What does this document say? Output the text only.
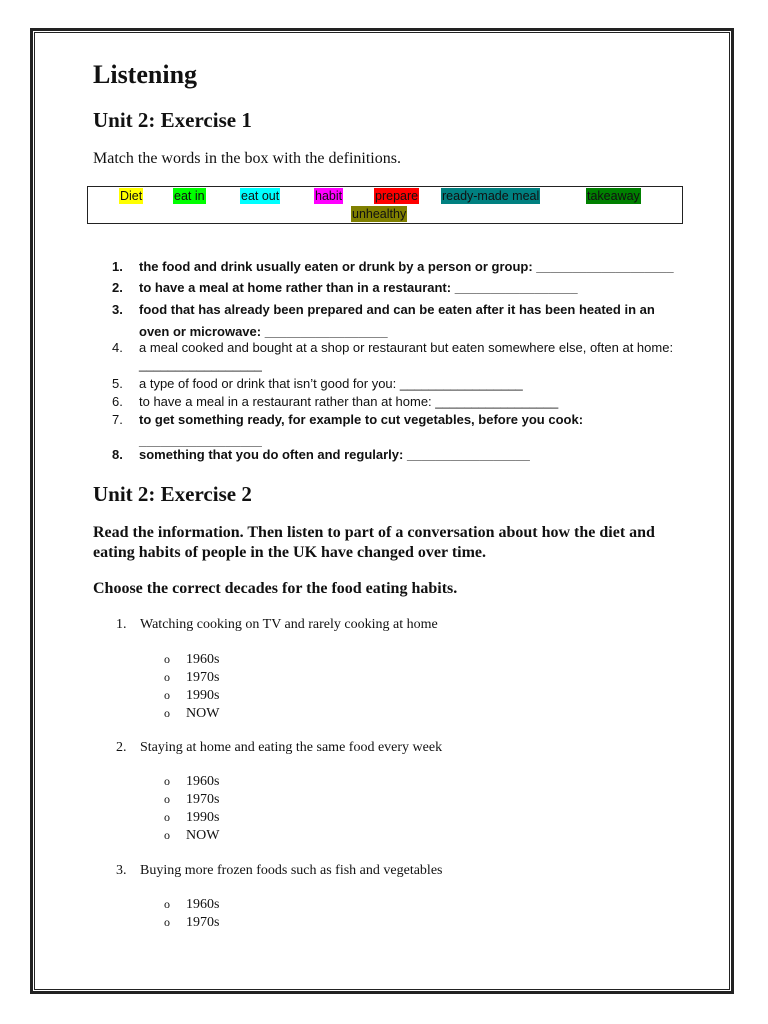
Listening
Unit 2: Exercise 1
Match the words in the box with the definitions.
Diet	eat in	eat out	habit	prepare ready-made meal	takeaway
unhealthy
1.	the food and drink usually eaten or drunk by a person or group: ___________________
2.	to have a meal at home rather than in a restaurant: _________________
3.	food that has already been prepared and can be eaten after it has been heated in an oven or microwave: _________________
4.	a meal cooked and bought at a shop or restaurant but eaten somewhere else, often at home: _________________
5.	a type of food or drink that isn’t good for you: _________________
6.	to have a meal in a restaurant rather than at home: _________________
7.	to get something ready, for example to cut vegetables, before you cook: _________________
8.	something that you do often and regularly: _________________
Unit 2: Exercise 2
Read the information. Then listen to part of a conversation about how the diet and eating habits of people in the UK have changed over time.
Choose the correct decades for the food eating habits.
1. Watching cooking on TV and rarely cooking at home
o 1960s
o 1970s
o 1990s
o NOW
2. Staying at home and eating the same food every week
o 1960s
o 1970s
o 1990s
o NOW
3. Buying more frozen foods such as fish and vegetables
o 1960s
o 1970s
